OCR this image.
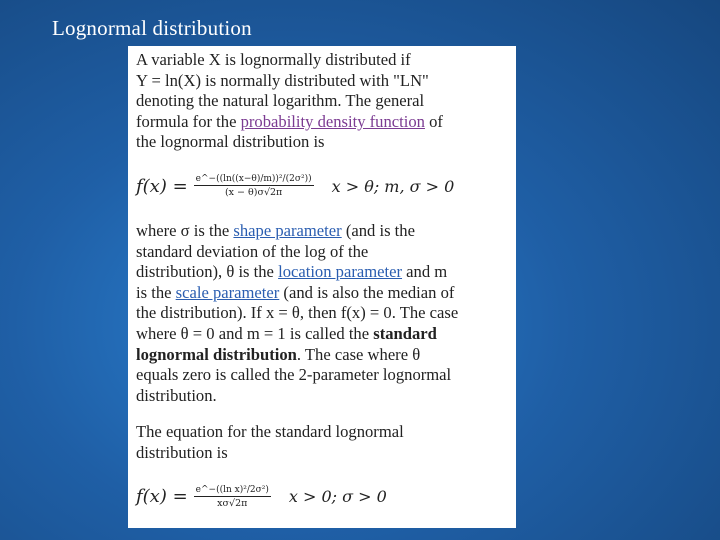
Lognormal distribution

A variable X is lognormally distributed if

Y = ln(X) is normally distributed with "LN"

denoting the natural logarithm. The general

formula for the probability density function of

the lognormal distribution is

$f(x) = \frac{\text{e\textasciicircum{}−((ln((x−θ)/m))²/(2σ²))}}{(x - \theta)\sigma√2\pi}$ x > θ; m, σ > 0

where σ is the shape parameter (and is the

standard deviation of the log of the

distribution), θ is the location parameter and m

is the scale parameter (and is also the median of

the distribution). If x = θ, then f(x) = 0. The case

where θ = 0 and m = 1 is called the standard

lognormal distribution. The case where θ

equals zero is called the 2-parameter lognormal

distribution.

The equation for the standard lognormal

distribution is

$f(x) = \frac{\text{e\textasciicircum{}−((ln x)²/2σ²)}}{x\sigma√2\pi}$ x > 0; σ > 0
